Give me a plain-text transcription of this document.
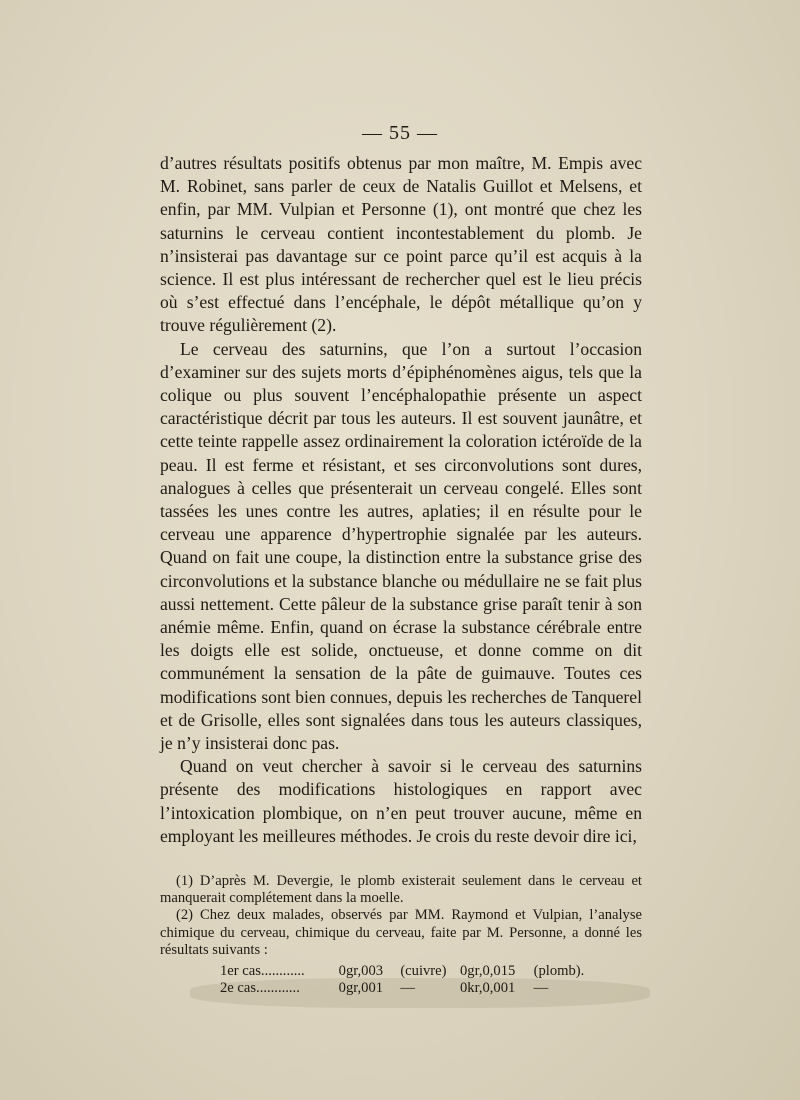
— 55 —

d’autres résultats positifs obtenus par mon maître, M. Empis avec M. Robinet, sans parler de ceux de Natalis Guillot et Melsens, et enfin, par MM. Vulpian et Personne (1), ont montré que chez les saturnins le cerveau contient incontestablement du plomb. Je n’insisterai pas davantage sur ce point parce qu’il est acquis à la science. Il est plus intéressant de rechercher quel est le lieu précis où s’est effectué dans l’encéphale, le dépôt métallique qu’on y trouve régulièrement (2).

Le cerveau des saturnins, que l’on a surtout l’occasion d’examiner sur des sujets morts d’épiphénomènes aigus, tels que la colique ou plus souvent l’encéphalopathie présente un aspect caractéristique décrit par tous les auteurs. Il est souvent jaunâtre, et cette teinte rappelle assez ordinairement la coloration ictéroïde de la peau. Il est ferme et résistant, et ses circonvolutions sont dures, analogues à celles que présenterait un cerveau congelé. Elles sont tassées les unes contre les autres, aplaties; il en résulte pour le cerveau une apparence d’hypertrophie signalée par les auteurs. Quand on fait une coupe, la distinction entre la substance grise des circonvolutions et la substance blanche ou médullaire ne se fait plus aussi nettement. Cette pâleur de la substance grise paraît tenir à son anémie même. Enfin, quand on écrase la substance cérébrale entre les doigts elle est solide, onctueuse, et donne comme on dit communément la sensation de la pâte de guimauve. Toutes ces modifications sont bien connues, depuis les recherches de Tanquerel et de Grisolle, elles sont signalées dans tous les auteurs classiques, je n’y insisterai donc pas.

Quand on veut chercher à savoir si le cerveau des saturnins présente des modifications histologiques en rapport avec l’intoxication plombique, on n’en peut trouver aucune, même en employant les meilleures méthodes. Je crois du reste devoir dire ici,

(1) D’après M. Devergie, le plomb existerait seulement dans le cerveau et manquerait complétement dans la moelle.

(2) Chez deux malades, observés par MM. Raymond et Vulpian, l’analyse chimique du cerveau, chimique du cerveau, faite par M. Personne, a donné les résultats suivants :

1er cas............ 0gr,003 (cuivre) 0gr,0,015 (plomb).
2e cas............	0gr,001 —	0kr,0,001 —
